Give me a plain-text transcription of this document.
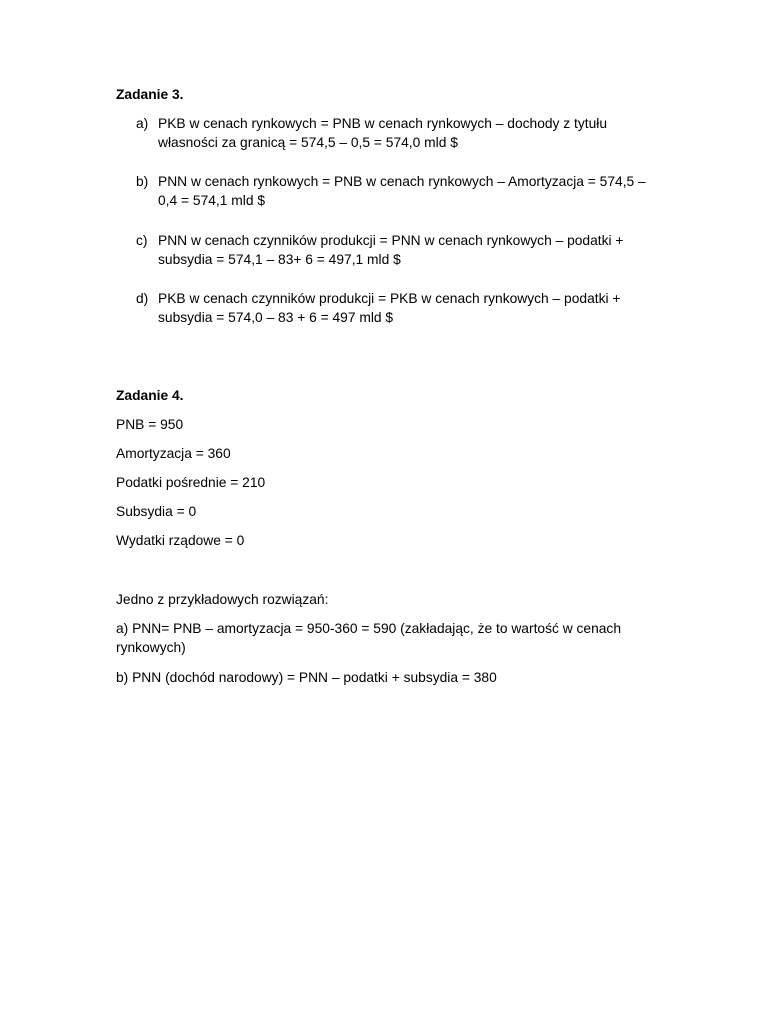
Zadanie 3.
a) PKB w cenach rynkowych = PNB w cenach rynkowych – dochody z tytułu własności za granicą = 574,5 – 0,5 = 574,0 mld $
b) PNN w cenach rynkowych = PNB w cenach rynkowych – Amortyzacja = 574,5 – 0,4 = 574,1 mld $
c) PNN w cenach czynników produkcji = PNN w cenach rynkowych – podatki + subsydia = 574,1 – 83+ 6 = 497,1 mld $
d) PKB w cenach czynników produkcji = PKB w cenach rynkowych – podatki + subsydia = 574,0 – 83 + 6 = 497 mld $
Zadanie 4.
PNB = 950
Amortyzacja = 360
Podatki pośrednie = 210
Subsydia = 0
Wydatki rządowe = 0
Jedno z przykładowych rozwiązań:
a) PNN= PNB – amortyzacja = 950-360 = 590 (zakładając, że to wartość w cenach rynkowych)
b) PNN (dochód narodowy) = PNN – podatki + subsydia = 380
